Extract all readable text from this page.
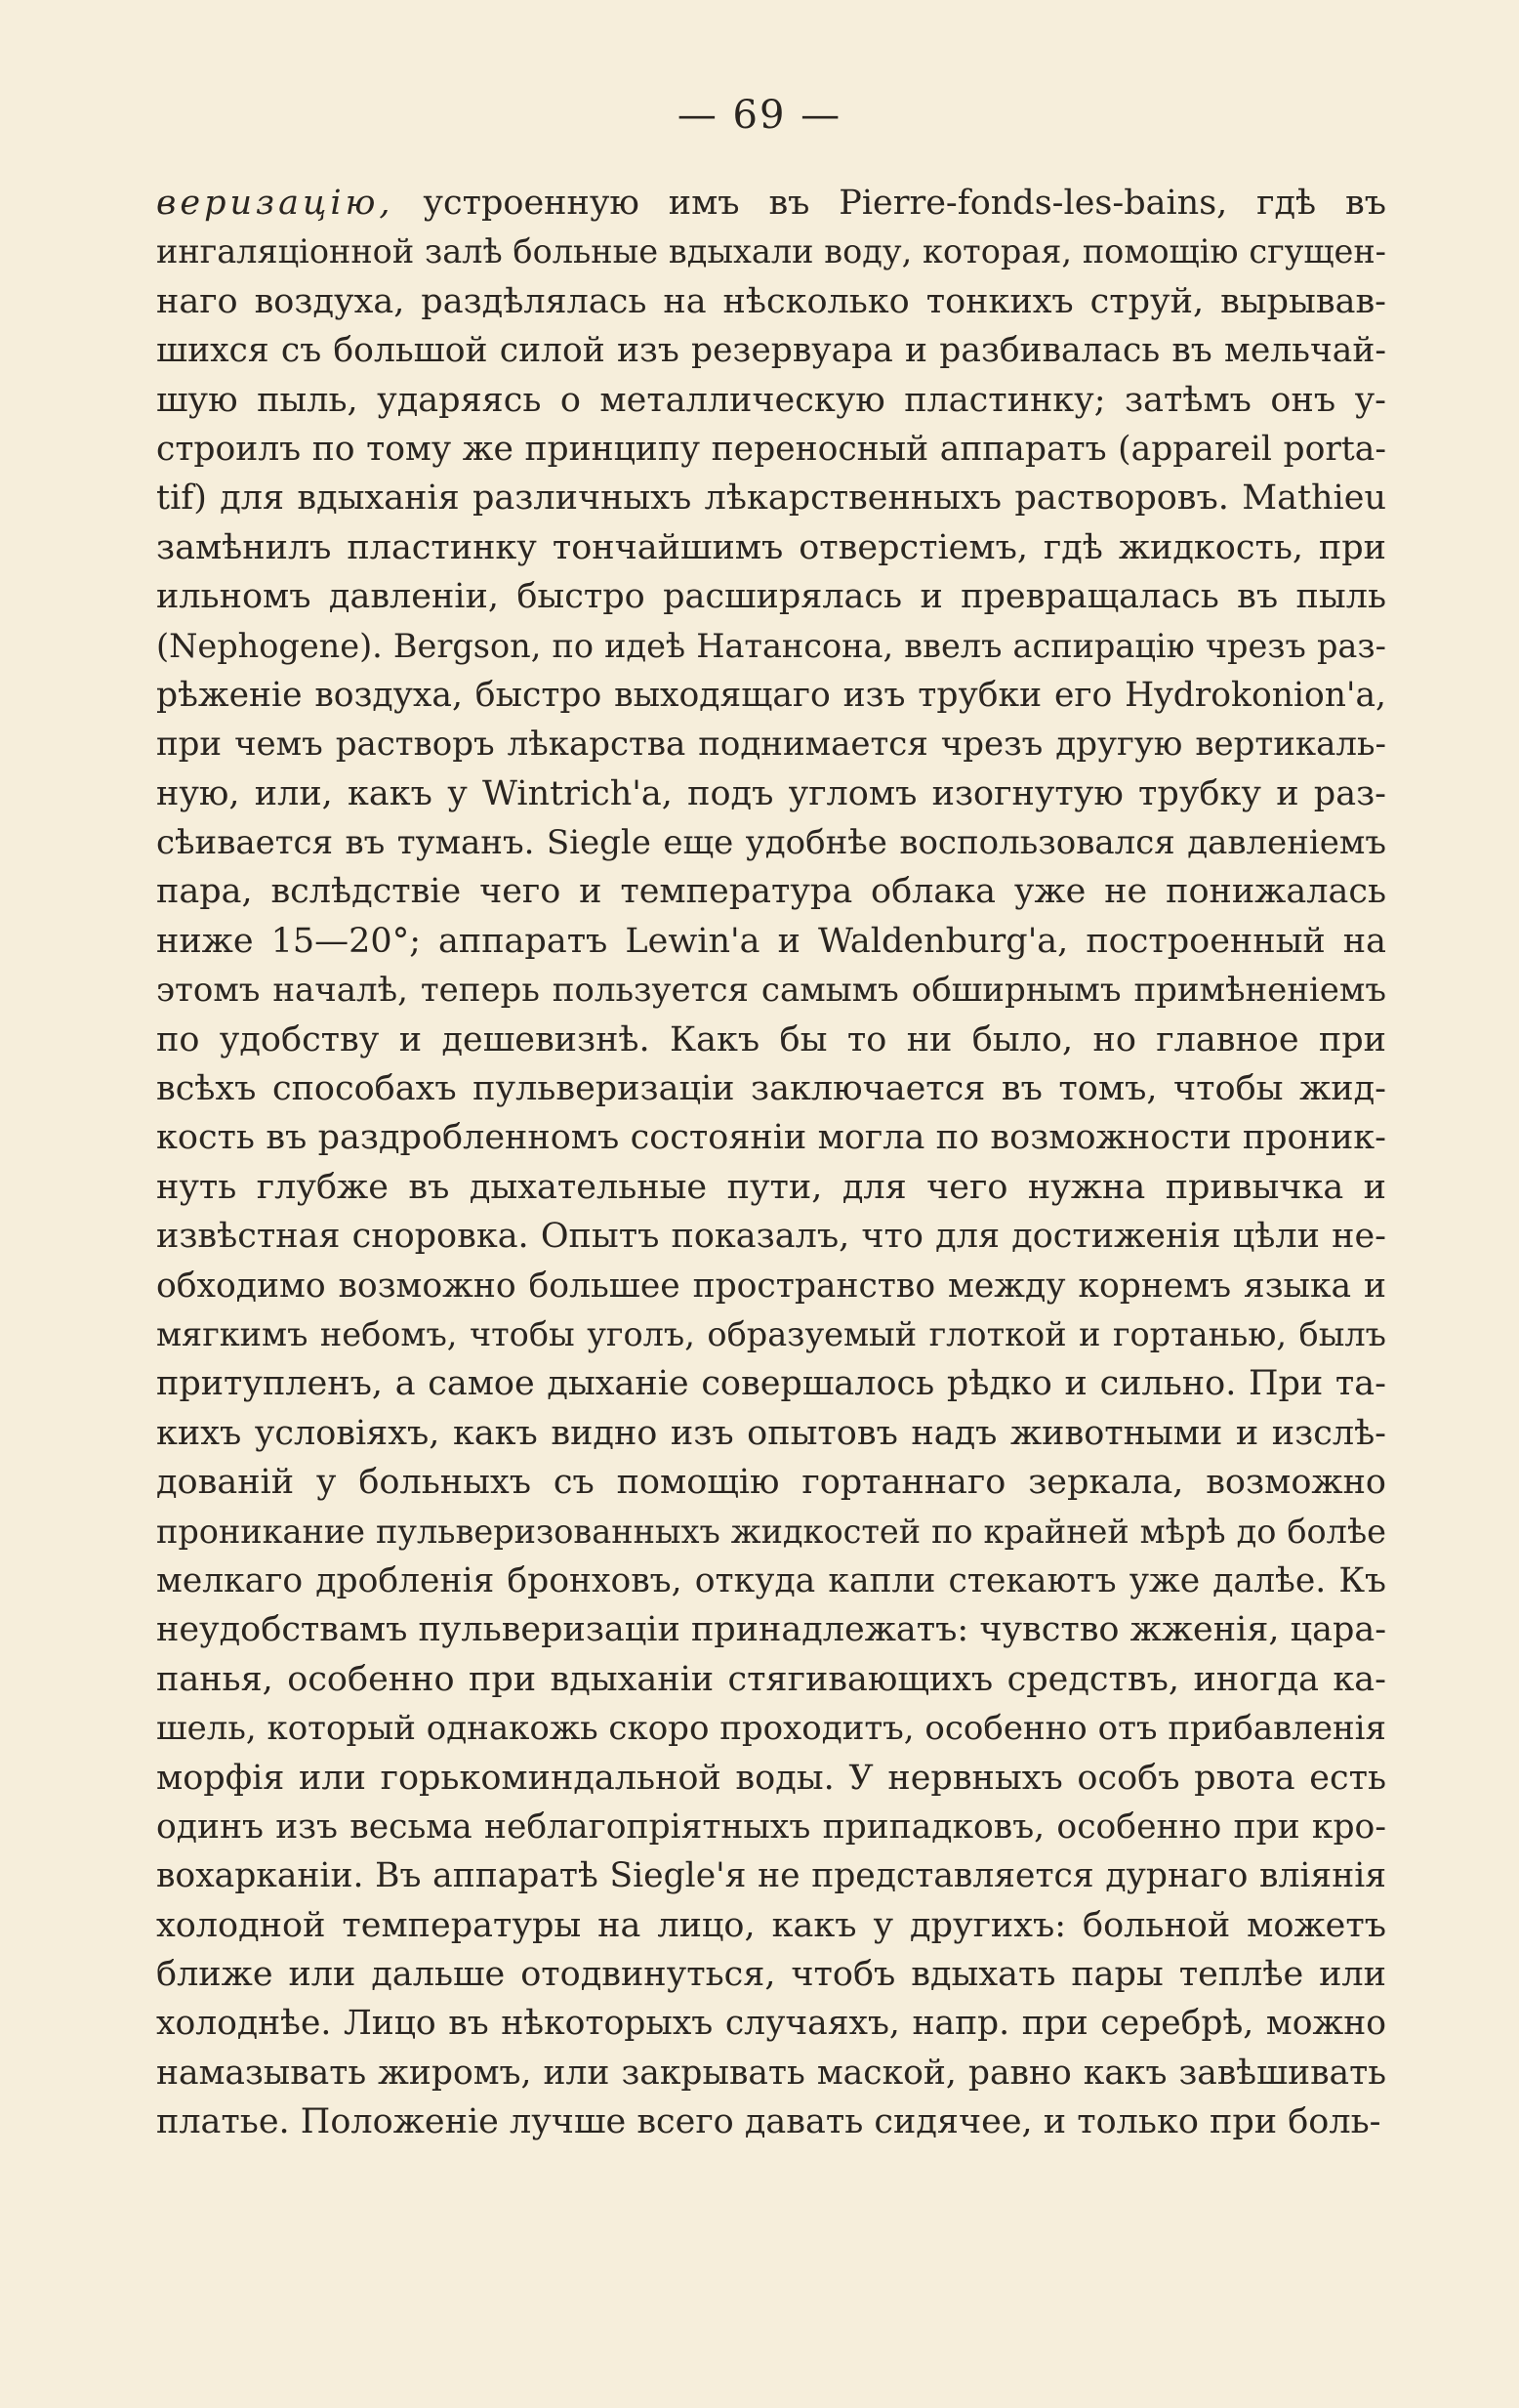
— 69 —
верuзацiю, устроенную имъ въ Pierre-fonds-les-bains, гдѣ въ
ингаляцiонной залѣ больные вдыхали воду, которая, помощiю сгущен-
наго воздуха, раздѣлялась на нѣсколько тонкихъ струй, вырывав-
шихся съ большой силой изъ резервуара и разбивалась въ мельчай-
шую пыль, ударяясь о металлическую пластинку; затѣмъ онъ у-
строилъ по тому же принципу переносный аппаратъ (appareil porta-
tif) для вдыханiя различныхъ лѣкарственныхъ растворовъ. Mathieu
замѣнилъ пластинку тончайшимъ отверстiемъ, гдѣ жидкость, при
ильномъ давленiи, быстро расширялась и превращалась въ пыль
(Nephogene). Bergson, по идеѣ Натансона, ввелъ аспирацiю чрезъ раз-
рѣженiе воздуха, быстро выходящаго изъ трубки его Hydrokonion'а,
при чемъ растворъ лѣкарства поднимается чрезъ другую вертикаль-
ную, или, какъ у Wintrich'а, подъ угломъ изогнутую трубку и раз-
сѣивается въ туманъ. Siegle еще удобнѣе воспользовался давленiемъ
пара, вслѣдствiе чего и температура облака уже не понижалась
ниже 15—20°; аппаратъ Lewin'а и Waldenburg'а, построенный на
этомъ началѣ, теперь пользуется самымъ обширнымъ примѣненiемъ
по удобству и дешевизнѣ. Какъ бы то ни было, но главное при
всѣхъ способахъ пульверизацiи заключается въ томъ, чтобы жид-
кость въ раздробленномъ состоянiи могла по возможности проник-
нуть глубже въ дыхательные пути, для чего нужна привычка и
извѣстная сноровка. Опытъ показалъ, что для достиженiя цѣли не-
обходимо возможно большее пространство между корнемъ языка и
мягкимъ небомъ, чтобы уголъ, образуемый глоткой и гортанью, былъ
притупленъ, а самое дыханiе совершалось рѣдко и сильно. При та-
кихъ условiяхъ, какъ видно изъ опытовъ надъ животными и изслѣ-
дованiй у больныхъ съ помощiю гортаннаго зеркала, возможно
проникание пульверизованныхъ жидкостей по крайней мѣрѣ до болѣе
мелкаго дробленiя бронховъ, откуда капли стекаютъ уже далѣе. Къ
неудобствамъ пульверизацiи принадлежатъ: чувство жженiя, цара-
панья, особенно при вдыханiи стягивающихъ средствъ, иногда ка-
шель, который однакожь скоро проходитъ, особенно отъ прибавленiя
морфiя или горькоминдальной воды. У нервныхъ особъ рвота есть
одинъ изъ весьма неблагопрiятныхъ припадковъ, особенно при кро-
вохарканiи. Въ аппаратѣ Siegle'я не представляется дурнаго влiянiя
холодной температуры на лицо, какъ у другихъ: больной можетъ
ближе или дальше отодвинуться, чтобъ вдыхать пары теплѣе или
холоднѣе. Лицо въ нѣкоторыхъ случаяхъ, напр. при серебрѣ, можно
намазывать жиромъ, или закрывать маской, равно какъ завѣшивать
платье. Положенiе лучше всего давать сидячее, и только при боль-
